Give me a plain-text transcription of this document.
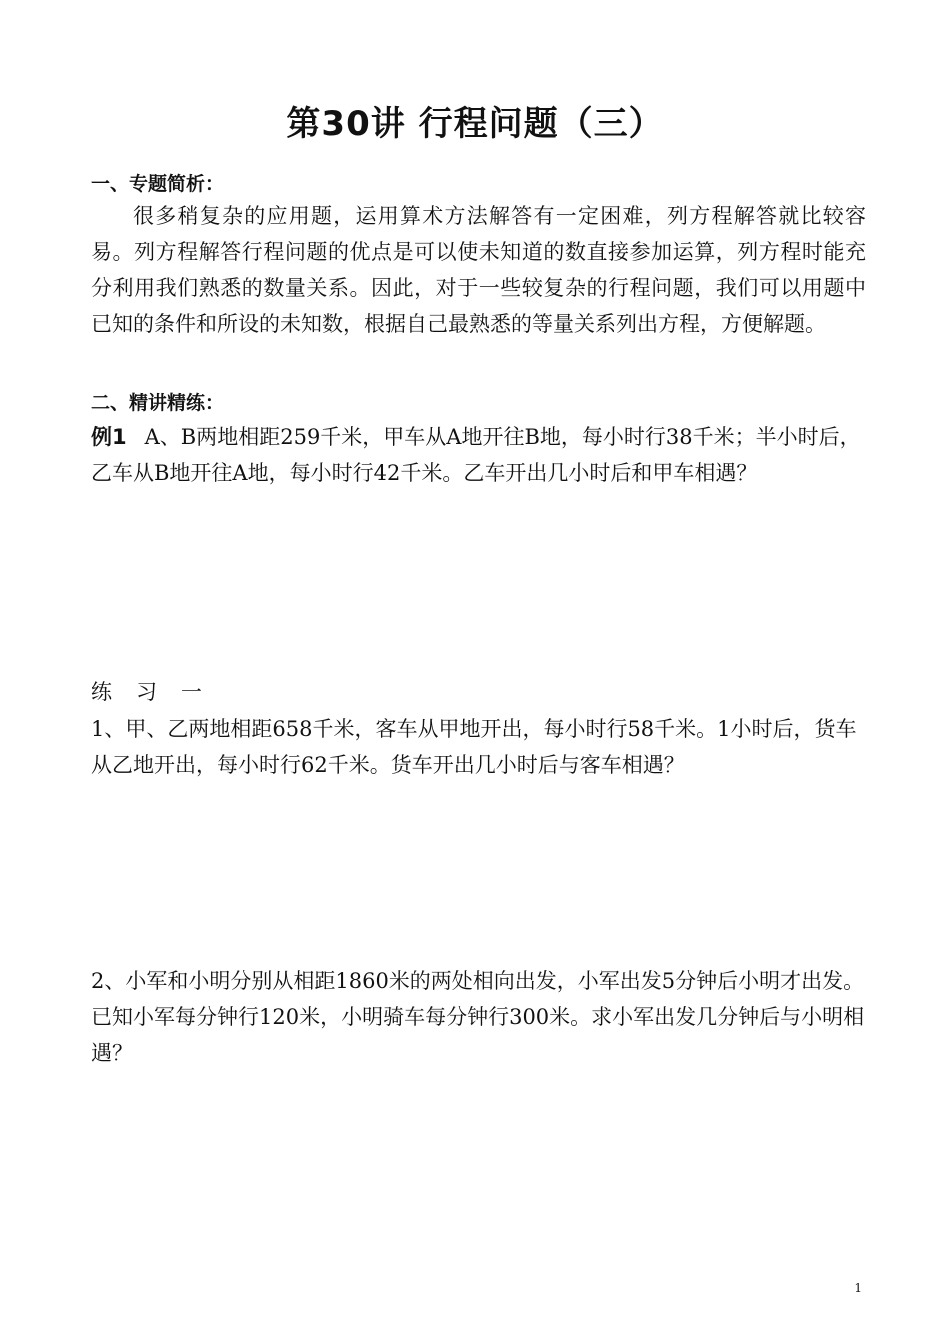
第30讲 行程问题（三）
一、专题简析：
很多稍复杂的应用题，运用算术方法解答有一定困难，列方程解答就比较容易。列方程解答行程问题的优点是可以使未知道的数直接参加运算，列方程时能充分利用我们熟悉的数量关系。因此，对于一些较复杂的行程问题，我们可以用题中已知的条件和所设的未知数，根据自己最熟悉的等量关系列出方程，方便解题。
二、精讲精练：
例1 A、B两地相距259千米，甲车从A地开往B地，每小时行38千米；半小时后，乙车从B地开往A地，每小时行42千米。乙车开出几小时后和甲车相遇？
练习一
1、甲、乙两地相距658千米，客车从甲地开出，每小时行58千米。1小时后，货车从乙地开出，每小时行62千米。货车开出几小时后与客车相遇？
2、小军和小明分别从相距1860米的两处相向出发，小军出发5分钟后小明才出发。已知小军每分钟行120米，小明骑车每分钟行300米。求小军出发几分钟后与小明相遇？
1
